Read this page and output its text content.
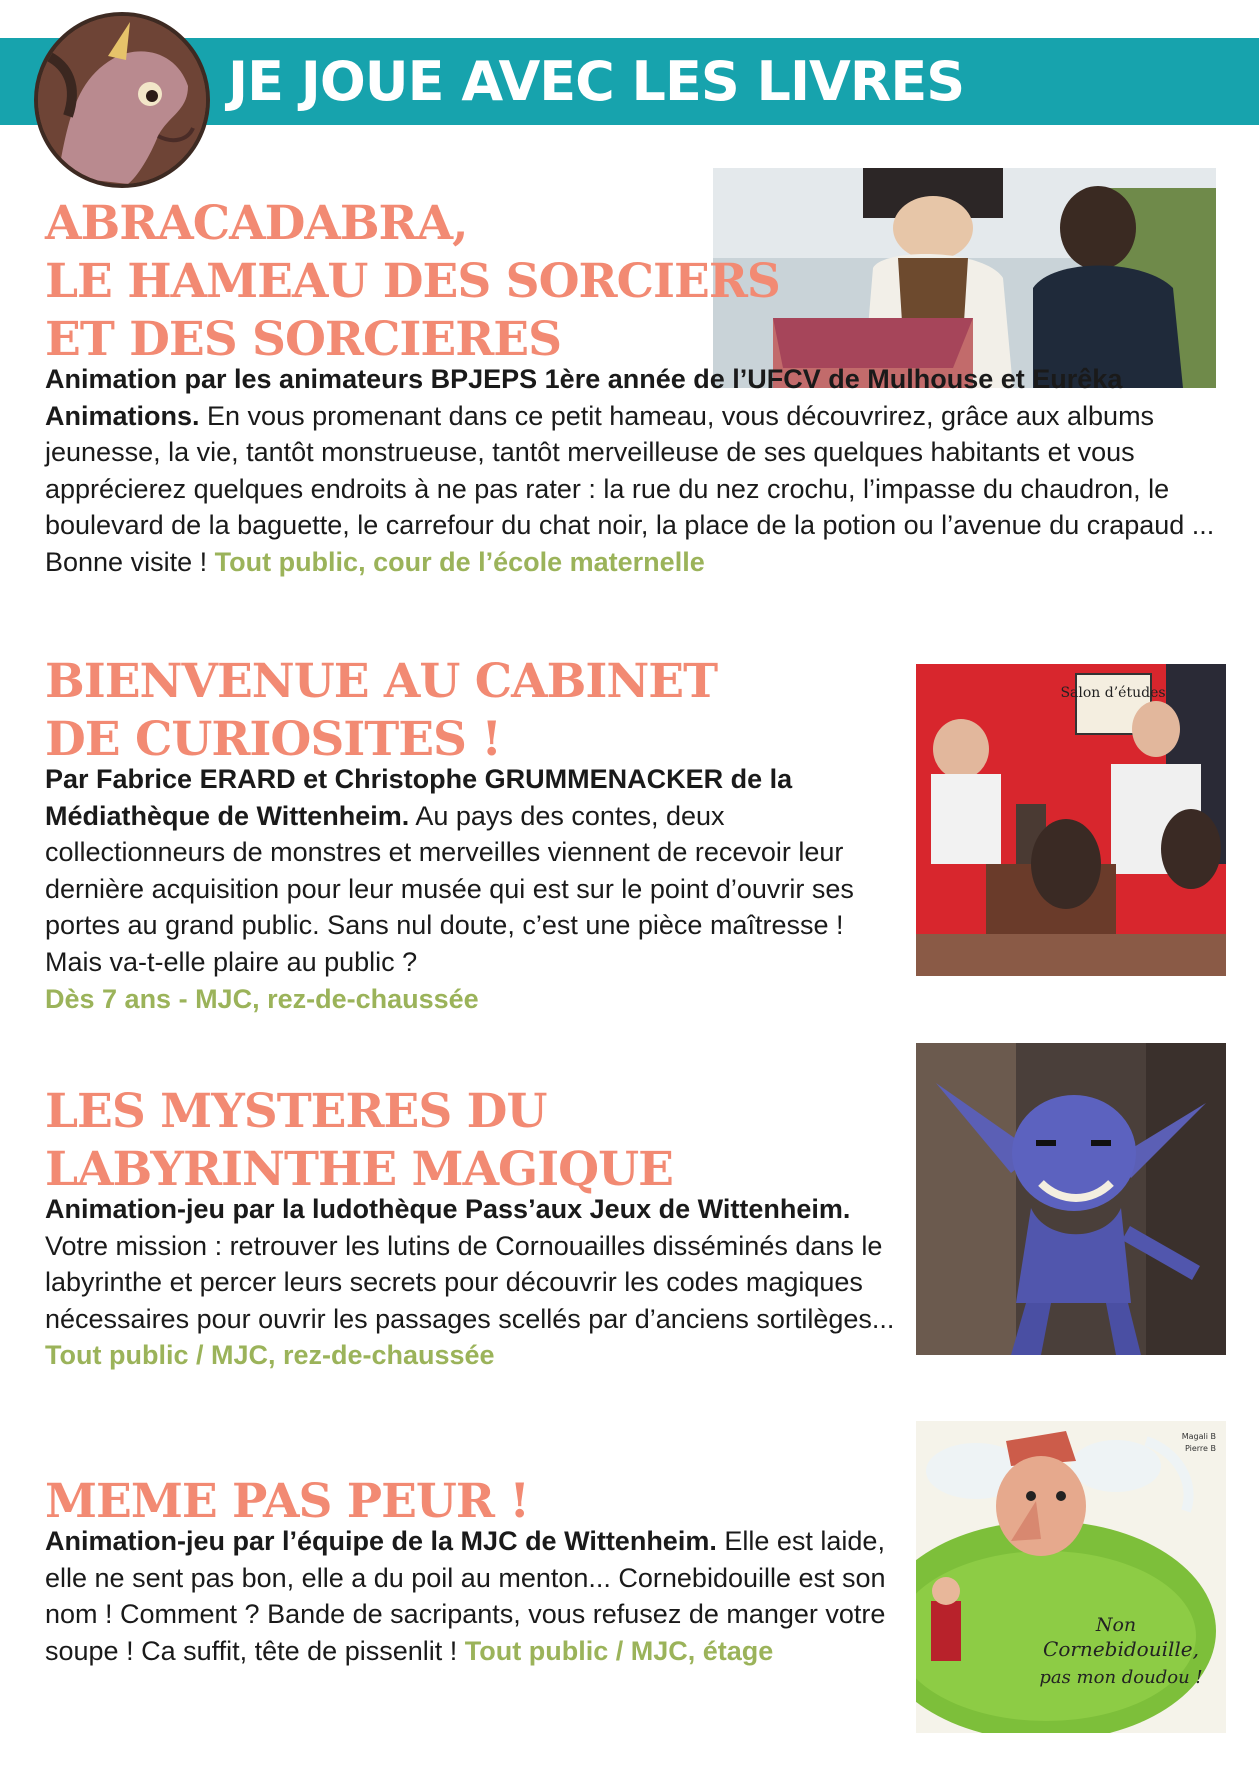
JE JOUE AVEC LES LIVRES

ABRACADABRA,

LE HAMEAU DES SORCIERS

ET DES SORCIERES

Animation par les animateurs BPJEPS 1ère année de l’UFCV de Mulhouse et Eurêka Animations. En vous promenant dans ce petit hameau, vous découvrirez, grâce aux albums jeunesse, la vie, tantôt monstrueuse, tantôt merveilleuse de ses quelques habitants et vous apprécierez quelques endroits à ne pas rater : la rue du nez crochu, l’impasse du chaudron, le boulevard de la baguette, le carrefour du chat noir, la place de la potion ou l’avenue du crapaud ... Bonne visite ! Tout public, cour de l’école maternelle

Salon d’études

BIENVENUE AU CABINET

DE CURIOSITES !

Par Fabrice ERARD et Christophe GRUMMENACKER de la Médiathèque de Wittenheim. Au pays des contes, deux collectionneurs de monstres et merveilles viennent de recevoir leur dernière acquisition pour leur musée qui est sur le point d’ouvrir ses portes au grand public. Sans nul doute, c’est une pièce maîtresse ! Mais va-t-elle plaire au public ?

Dès 7 ans - MJC, rez-de-chaussée

LES MYSTERES DU

LABYRINTHE MAGIQUE

Animation-jeu par la ludothèque Pass’aux Jeux de Wittenheim. Votre mission : retrouver les lutins de Cornouailles disséminés dans le labyrinthe et percer leurs secrets pour découvrir les codes magiques nécessaires pour ouvrir les passages scellés par d’anciens sortilèges...

Tout public / MJC, rez-de-chaussée

Magali B
Pierre B
Non
Cornebidouille,
pas mon doudou !

MEME PAS PEUR !

Animation-jeu par l’équipe de la MJC de Wittenheim. Elle est laide, elle ne sent pas bon, elle a du poil au menton... Cornebidouille est son nom ! Comment ? Bande de sacripants, vous refusez de manger votre soupe ! Ca suffit, tête de pissenlit ! Tout public / MJC, étage
